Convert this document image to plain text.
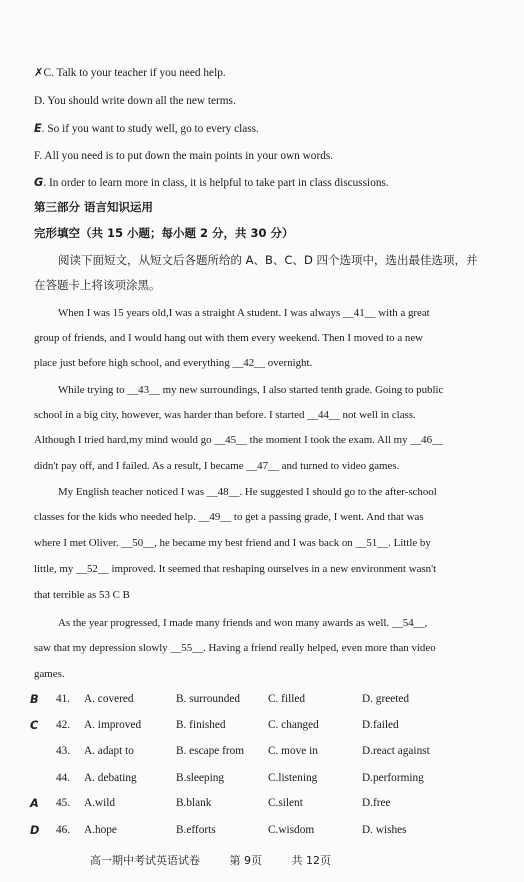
✗C. Talk to your teacher if you need help.
D. You should write down all the new terms.
E. So if you want to study well, go to every class.
F. All you need is to put down the main points in your own words.
G. In order to learn more in class, it is helpful to take part in class discussions.
第三部分 语言知识运用
完形填空（共 15 小题；每小题 2 分，共 30 分）
阅读下面短文，从短文后各题所给的 A、B、C、D 四个选项中，选出最佳选项，并
在答题卡上将该项涂黑。
When I was 15 years old,I was a straight A student. I was always __41__ with a great
group of friends, and I would hang out with them every weekend. Then I moved to a new
place just before high school, and everything __42__ overnight.
While trying to __43__ my new surroundings, I also started tenth grade. Going to public
school in a big city, however, was harder than before. I started __44__ not well in class.
Although I tried hard,my mind would go __45__ the moment I took the exam. All my __46__
didn't pay off, and I failed. As a result, I became __47__ and turned to video games.
My English teacher noticed I was __48__. He suggested I should go to the after-school
classes for the kids who needed help. __49__ to get a passing grade, I went. And that was
where I met Oliver. __50__, he became my best friend and I was back on __51__. Little by
little, my __52__ improved. It seemed that reshaping ourselves in a new environment wasn't
that terrible as 53 C B
As the year progressed, I made many friends and won many awards as well. __54__,
saw that my depression slowly __55__. Having a friend really helped, even more than video
games.
B 41. A. covered	B. surrounded C. filled	D. greeted
C 42. A. improved	B. finished	C. changed	D.failed
43. A. adapt to	B. escape from C. move in	D.react against
44. A. debating	B.sleeping	C.listening	D.performing
A 45. A.wild	B.blank	C.silent	D.free
D 46. A.hope	B.efforts	C.wisdom	D. wishes
高一期中考试英语试卷	第 9页	共 12页
